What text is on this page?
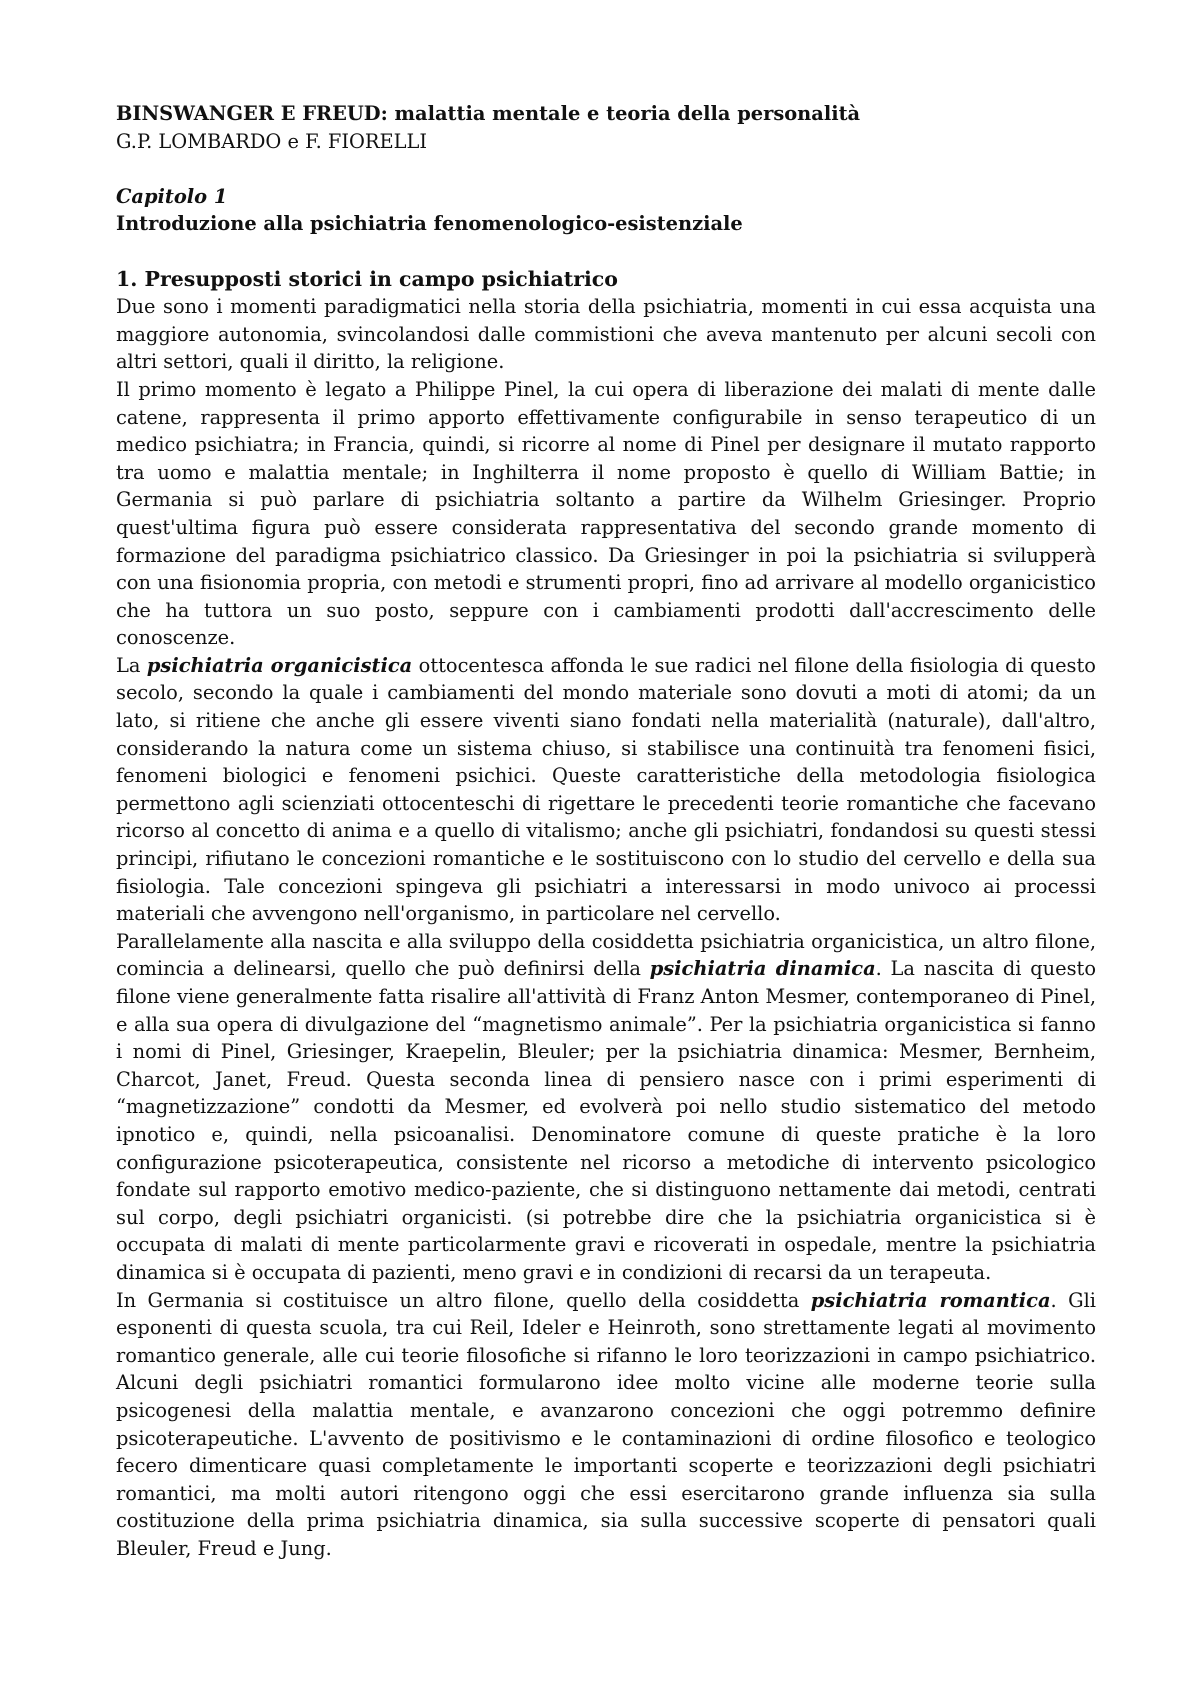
BINSWANGER E FREUD: malattia mentale e teoria della personalità

G.P. LOMBARDO e F. FIORELLI

Capitolo 1

Introduzione alla psichiatria fenomenologico-esistenziale

1. Presupposti storici in campo psichiatrico

Due sono i momenti paradigmatici nella storia della psichiatria, momenti in cui essa acquista una maggiore autonomia, svincolandosi dalle commistioni che aveva mantenuto per alcuni secoli con altri settori, quali il diritto, la religione.

Il primo momento è legato a Philippe Pinel, la cui opera di liberazione dei malati di mente dalle catene, rappresenta il primo apporto effettivamente configurabile in senso terapeutico di un medico psichiatra; in Francia, quindi, si ricorre al nome di Pinel per designare il mutato rapporto tra uomo e malattia mentale; in Inghilterra il nome proposto è quello di William Battie; in Germania si può parlare di psichiatria soltanto a partire da Wilhelm Griesinger. Proprio quest'ultima figura può essere considerata rappresentativa del secondo grande momento di formazione del paradigma psichiatrico classico. Da Griesinger in poi la psichiatria si svilupperà con una fisionomia propria, con metodi e strumenti propri, fino ad arrivare al modello organicistico che ha tuttora un suo posto, seppure con i cambiamenti prodotti dall'accrescimento delle conoscenze.

La psichiatria organicistica ottocentesca affonda le sue radici nel filone della fisiologia di questo secolo, secondo la quale i cambiamenti del mondo materiale sono dovuti a moti di atomi; da un lato, si ritiene che anche gli essere viventi siano fondati nella materialità (naturale), dall'altro, considerando la natura come un sistema chiuso, si stabilisce una continuità tra fenomeni fisici, fenomeni biologici e fenomeni psichici. Queste caratteristiche della metodologia fisiologica permettono agli scienziati ottocenteschi di rigettare le precedenti teorie romantiche che facevano ricorso al concetto di anima e a quello di vitalismo; anche gli psichiatri, fondandosi su questi stessi principi, rifiutano le concezioni romantiche e le sostituiscono con lo studio del cervello e della sua fisiologia. Tale concezioni spingeva gli psichiatri a interessarsi in modo univoco ai processi materiali che avvengono nell'organismo, in particolare nel cervello.

Parallelamente alla nascita e alla sviluppo della cosiddetta psichiatria organicistica, un altro filone, comincia a delinearsi, quello che può definirsi della psichiatria dinamica. La nascita di questo filone viene generalmente fatta risalire all'attività di Franz Anton Mesmer, contemporaneo di Pinel, e alla sua opera di divulgazione del “magnetismo animale”. Per la psichiatria organicistica si fanno i nomi di Pinel, Griesinger, Kraepelin, Bleuler; per la psichiatria dinamica: Mesmer, Bernheim, Charcot, Janet, Freud. Questa seconda linea di pensiero nasce con i primi esperimenti di “magnetizzazione” condotti da Mesmer, ed evolverà poi nello studio sistematico del metodo ipnotico e, quindi, nella psicoanalisi. Denominatore comune di queste pratiche è la loro configurazione psicoterapeutica, consistente nel ricorso a metodiche di intervento psicologico fondate sul rapporto emotivo medico-paziente, che si distinguono nettamente dai metodi, centrati sul corpo, degli psichiatri organicisti. (si potrebbe dire che la psichiatria organicistica si è occupata di malati di mente particolarmente gravi e ricoverati in ospedale, mentre la psichiatria dinamica si è occupata di pazienti, meno gravi e in condizioni di recarsi da un terapeuta.

In Germania si costituisce un altro filone, quello della cosiddetta psichiatria romantica. Gli esponenti di questa scuola, tra cui Reil, Ideler e Heinroth, sono strettamente legati al movimento romantico generale, alle cui teorie filosofiche si rifanno le loro teorizzazioni in campo psichiatrico. Alcuni degli psichiatri romantici formularono idee molto vicine alle moderne teorie sulla psicogenesi della malattia mentale, e avanzarono concezioni che oggi potremmo definire psicoterapeutiche. L'avvento de positivismo e le contaminazioni di ordine filosofico e teologico fecero dimenticare quasi completamente le importanti scoperte e teorizzazioni degli psichiatri romantici, ma molti autori ritengono oggi che essi esercitarono grande influenza sia sulla costituzione della prima psichiatria dinamica, sia sulla successive scoperte di pensatori quali Bleuler, Freud e Jung.
